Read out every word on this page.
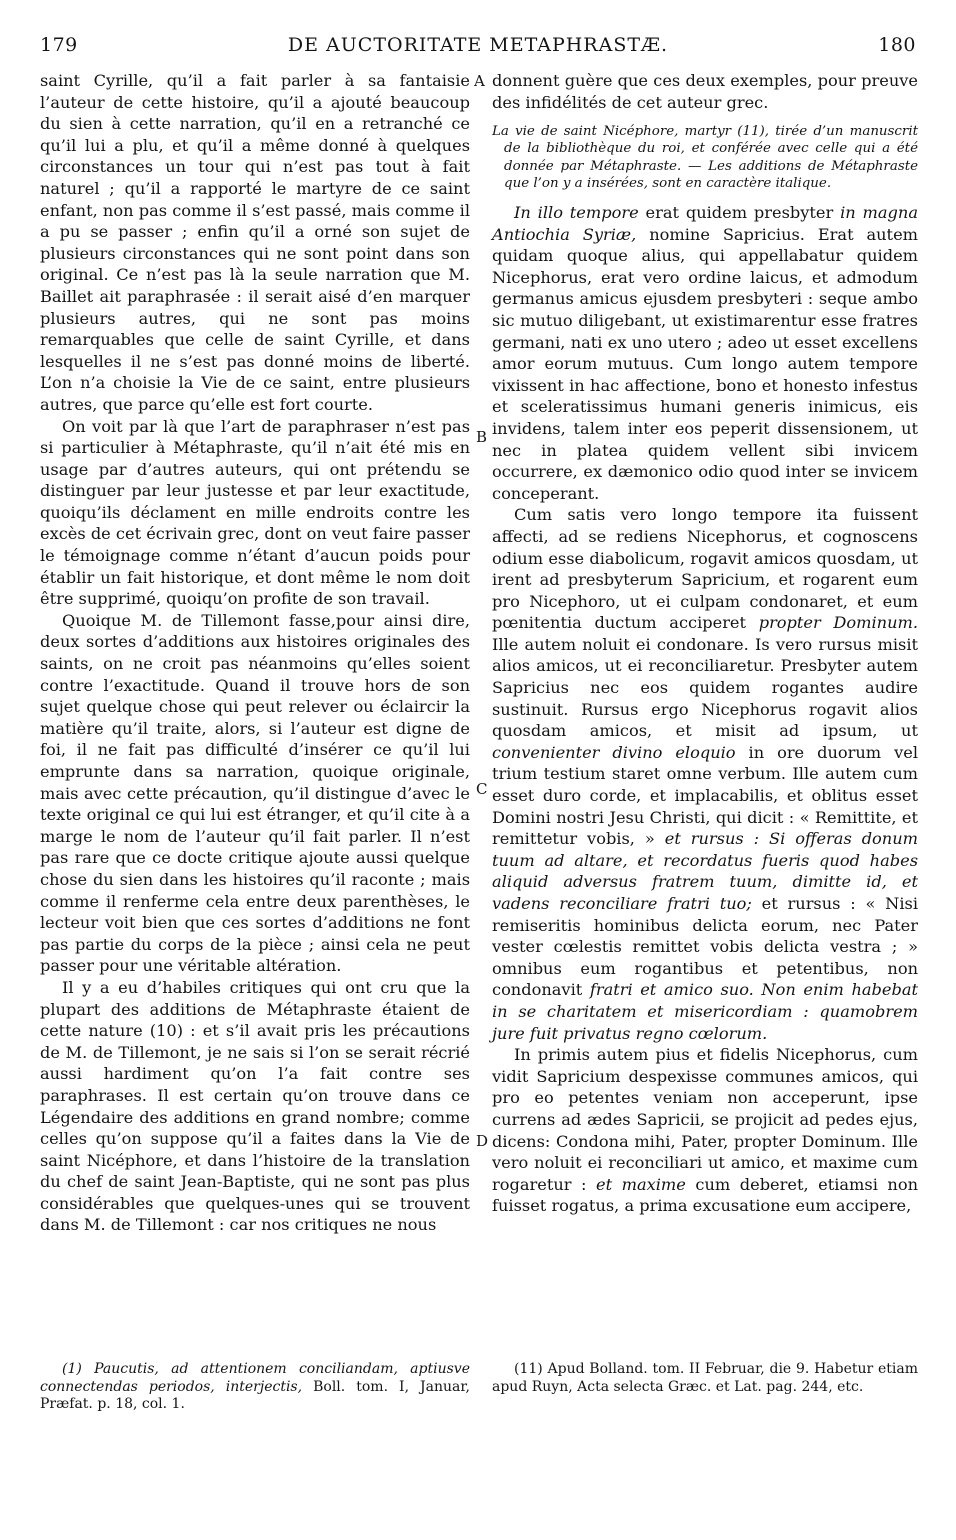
179	DE AUCTORITATE METAPHRASTÆ.	180
A
B
C
D

saint Cyrille, qu’il a fait parler à sa fantaisie l’auteur de cette histoire, qu’il a ajouté beaucoup du sien à cette narration, qu’il en a retranché ce qu’il lui a plu, et qu’il a même donné à quelques circonstances un tour qui n’est pas tout à fait naturel ; qu’il a rapporté le martyre de ce saint enfant, non pas comme il s’est passé, mais comme il a pu se passer ; enfin qu’il a orné son sujet de plusieurs circonstances qui ne sont point dans son original. Ce n’est pas là la seule narration que M. Baillet ait paraphrasée : il serait aisé d’en marquer plusieurs autres, qui ne sont pas moins remarquables que celle de saint Cyrille, et dans lesquelles il ne s’est pas donné moins de liberté. L’on n’a choisie la Vie de ce saint, entre plusieurs autres, que parce qu’elle est fort courte.

On voit par là que l’art de paraphraser n’est pas si particulier à Métaphraste, qu’il n’ait été mis en usage par d’autres auteurs, qui ont prétendu se distinguer par leur justesse et par leur exactitude, quoiqu’ils déclament en mille endroits contre les excès de cet écrivain grec, dont on veut faire passer le témoignage comme n’étant d’aucun poids pour établir un fait historique, et dont même le nom doit être supprimé, quoiqu’on profite de son travail.

Quoique M. de Tillemont fasse,pour ainsi dire, deux sortes d’additions aux histoires originales des saints, on ne croit pas néanmoins qu’elles soient contre l’exactitude. Quand il trouve hors de son sujet quelque chose qui peut relever ou éclaircir la matière qu’il traite, alors, si l’auteur est digne de foi, il ne fait pas difficulté d’insérer ce qu’il lui emprunte dans sa narration, quoique originale, mais avec cette précaution, qu’il distingue d’avec le texte original ce qui lui est étranger, et qu’il cite à a marge le nom de l’auteur qu’il fait parler. Il n’est pas rare que ce docte critique ajoute aussi quelque chose du sien dans les histoires qu’il raconte ; mais comme il renferme cela entre deux parenthèses, le lecteur voit bien que ces sortes d’additions ne font pas partie du corps de la pièce ; ainsi cela ne peut passer pour une véritable altération.

Il y a eu d’habiles critiques qui ont cru que la plupart des additions de Métaphraste étaient de cette nature (10) : et s’il avait pris les précautions de M. de Tillemont, je ne sais si l’on se serait récrié aussi hardiment qu’on l’a fait contre ses paraphrases. Il est certain qu’on trouve dans ce Légendaire des additions en grand nombre; comme celles qu’on suppose qu’il a faites dans la Vie de saint Nicéphore, et dans l’histoire de la translation du chef de saint Jean-Baptiste, qui ne sont pas plus considérables que quelques-unes qui se trouvent dans M. de Tillemont : car nos critiques ne nous

donnent guère que ces deux exemples, pour preuve des infidélités de cet auteur grec.

La vie de saint Nicéphore, martyr (11), tirée d’un manuscrit de la bibliothèque du roi, et conférée avec celle qui a été donnée par Métaphraste. — Les additions de Métaphraste que l’on y a insérées, sont en caractère italique.

In illo tempore erat quidem presbyter in magna Antiochia Syriæ, nomine Sapricius. Erat autem quidam quoque alius, qui appellabatur quidem Nicephorus, erat vero ordine laicus, et admodum germanus amicus ejusdem presbyteri : seque ambo sic mutuo diligebant, ut existimarentur esse fratres germani, nati ex uno utero ; adeo ut esset excellens amor eorum mutuus. Cum longo autem tempore vixissent in hac affectione, bono et honesto infestus et sceleratissimus humani generis inimicus, eis invidens, talem inter eos peperit dissensionem, ut nec in platea quidem vellent sibi invicem occurrere, ex dæmonico odio quod inter se invicem conceperant.

Cum satis vero longo tempore ita fuissent affecti, ad se rediens Nicephorus, et cognoscens odium esse diabolicum, rogavit amicos quosdam, ut irent ad presbyterum Sapricium, et rogarent eum pro Nicephoro, ut ei culpam condonaret, et eum pœnitentia ductum acciperet propter Dominum. Ille autem noluit ei condonare. Is vero rursus misit alios amicos, ut ei reconciliaretur. Presbyter autem Sapricius nec eos quidem rogantes audire sustinuit. Rursus ergo Nicephorus rogavit alios quosdam amicos, et misit ad ipsum, ut convenienter divino eloquio in ore duorum vel trium testium staret omne verbum. Ille autem cum esset duro corde, et implacabilis, et oblitus esset Domini nostri Jesu Christi, qui dicit : « Remittite, et remittetur vobis, » et rursus : Si offeras donum tuum ad altare, et recordatus fueris quod habes aliquid adversus fratrem tuum, dimitte id, et vadens reconciliare fratri tuo; et rursus : « Nisi remiseritis hominibus delicta eorum, nec Pater vester cœlestis remittet vobis delicta vestra ; » omnibus eum rogantibus et petentibus, non condonavit fratri et amico suo. Non enim habebat in se charitatem et misericordiam : quamobrem jure fuit privatus regno cœlorum.

In primis autem pius et fidelis Nicephorus, cum vidit Sapricium despexisse communes amicos, qui pro eo petentes veniam non acceperunt, ipse currens ad ædes Sapricii, se projicit ad pedes ejus, dicens: Condona mihi, Pater, propter Dominum. Ille vero noluit ei reconciliari ut amico, et maxime cum rogaretur : et maxime cum deberet, etiamsi non fuisset rogatus, a prima excusatione eum accipere,

(1) Paucutis, ad attentionem conciliandam, aptiusve connectendas periodos, interjectis, Boll. tom. I, Januar, Præfat. p. 18, col. 1.
(11) Apud Bolland. tom. II Februar, die 9. Habetur etiam apud Ruyn, Acta selecta Græc. et Lat. pag. 244, etc.
